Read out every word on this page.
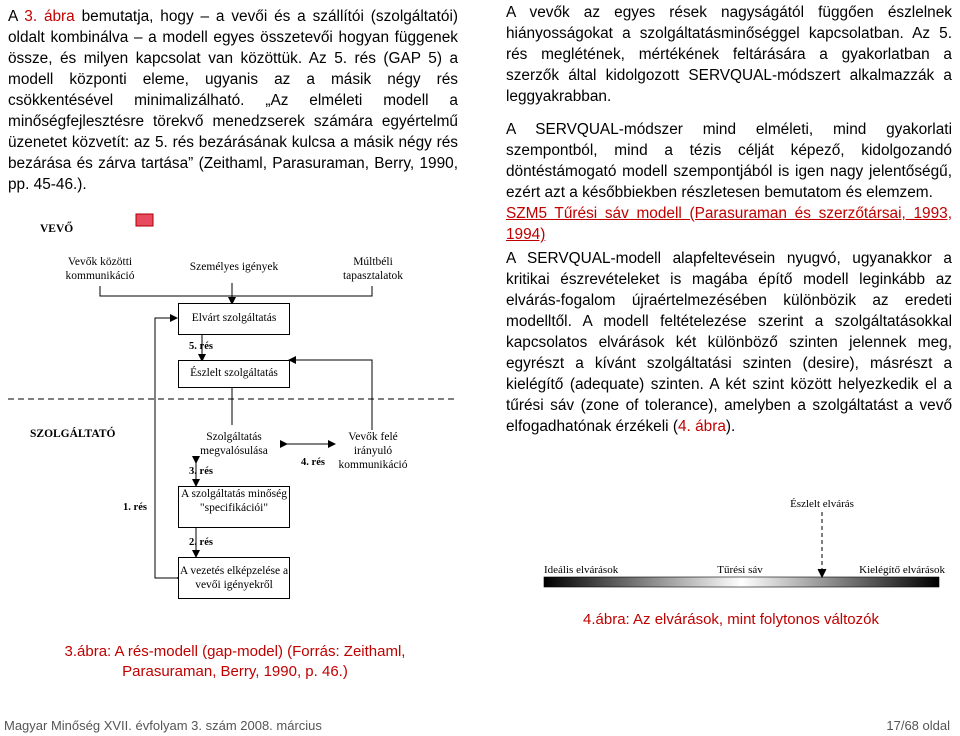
A 3. ábra bemutatja, hogy – a vevői és a szállítói (szolgáltatói) oldalt kombinálva – a modell egyes összetevői hogyan függenek össze, és milyen kapcsolat van közöttük. Az 5. rés (GAP 5) a modell központi eleme, ugyanis az a másik négy rés csökkentésével minimalizálható. „Az elméleti modell a minőségfejlesztésre törekvő menedzserek számára egyértelmű üzenetet közvetít: az 5. rés bezárásának kulcsa a másik négy rés bezárása és zárva tartása” (Zeithaml, Parasuraman, Berry, 1990, pp. 45-46.).

VEVŐ
SZOLGÁLTATÓ
Vevők közötti kommunikáció
Személyes igények	Múltbéli tapasztalatok
Elvárt szolgáltatás
5. rés
Észlelt szolgáltatás
Szolgáltatás megvalósulása
4. rés
Vevők felé irányuló kommunikáció
3. rés
A szolgáltatás minőség "specifikációi"
1. rés
2. rés
A vezetés elképzelése a vevői igényekről
3.ábra: A rés-modell (gap-model) (Forrás: Zeithaml, Parasuraman, Berry, 1990, p. 46.)

A vevők az egyes rések nagyságától függően észlelnek hiányosságokat a szolgáltatásminőséggel kapcsolatban. Az 5. rés meglétének, mértékének feltárására a gyakorlatban a szerzők által kidolgozott SERVQUAL-módszert alkalmazzák a leggyakrabban.

A SERVQUAL-módszer mind elméleti, mind gyakorlati szempontból, mind a tézis célját képező, kidolgozandó döntéstámogató modell szempontjából is igen nagy jelentőségű, ezért azt a későbbiekben részletesen bemutatom és elemzem.

SZM5 Tűrési sáv modell (Parasuraman és szerzőtársai, 1993, 1994)

A SERVQUAL-modell alapfeltevésein nyugvó, ugyanakkor a kritikai észrevételeket is magába építő modell leginkább az elvárás-fogalom újraértelmezésében különbözik az eredeti modelltől. A modell feltételezése szerint a szolgáltatásokkal kapcsolatos elvárások két különböző szinten jelennek meg, egyrészt a kívánt szolgáltatási szinten (desire), másrészt a kielégítő (adequate) szinten. A két szint között helyezkedik el a tűrési sáv (zone of tolerance), amelyben a szolgáltatást a vevő elfogadhatónak érzékeli (4. ábra).

Észlelt elvárás
Ideális elvárások	Tűrési sáv	Kielégítő elvárások
4.ábra: Az elvárások, mint folytonos változók
Magyar Minőség XVII. évfolyam 3. szám 2008. március	17/68 oldal
